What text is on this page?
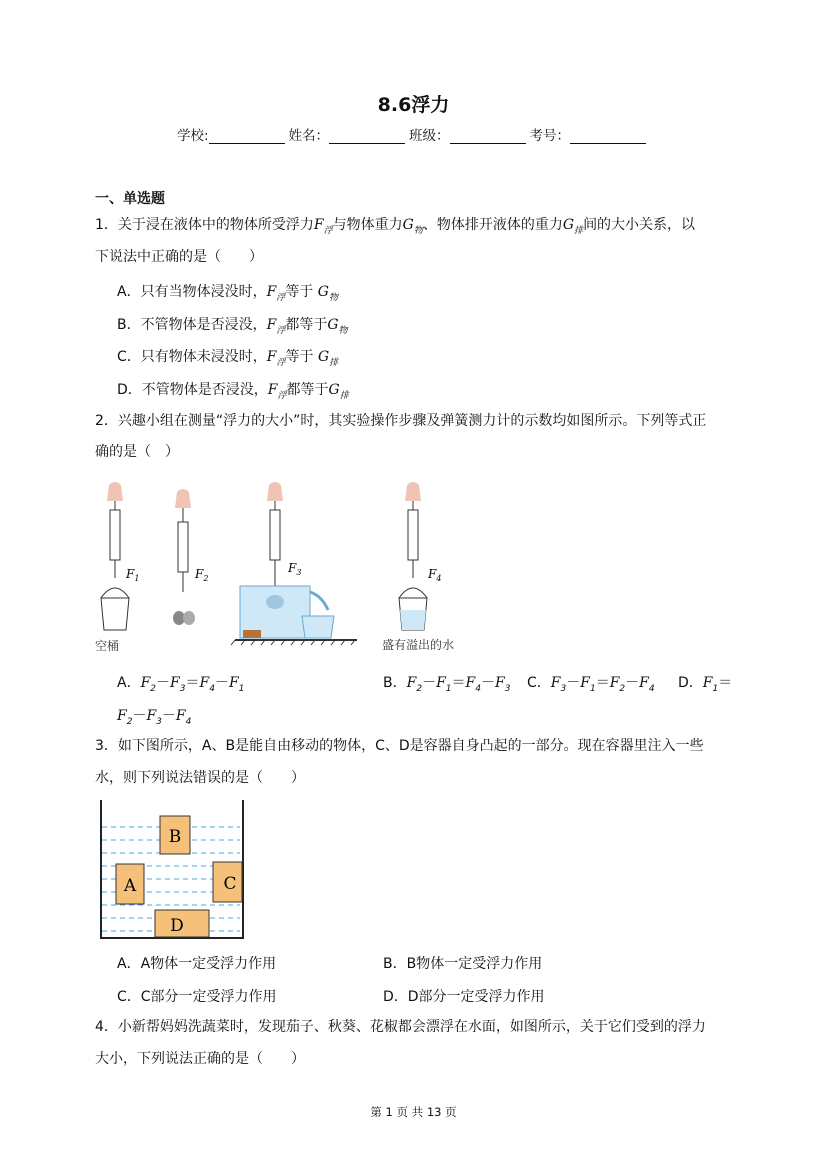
8.6浮力
学校:	姓名：	班级：	考号：
一、单选题
1．关于浸在液体中的物体所受浮力$F_浮$与物体重力$G_物$、物体排开液体的重力$G_排$间的大小关系，以
下说法中正确的是（　　）
A．只有当物体浸没时，$F_浮$等于 $G_物$
B．不管物体是否浸没，$F_浮$都等于$G_物$
C．只有物体未浸没时，$F_浮$等于 $G_排$
D．不管物体是否浸没，$F_浮$都等于$G_排$
2．兴趣小组在测量“浮力的大小”时，其实验操作步骤及弹簧测力计的示数均如图所示。下列等式正
确的是（　）
$F_1$
空桶
$F_2$
$F_3$	$F_4$
盛有溢出的水
A．$F_2-F_3=F_4-F_1$	B．$F_2-F_1=F_4-F_3$ C．$F_3-F_1=F_2-F_4$ D．$F_1=$
$F_2-F_3-F_4$
3．如下图所示，A、B是能自由移动的物体，C、D是容器自身凸起的一部分。现在容器里注入一些
水，则下列说法错误的是（　　）
B
A	C
D
A．A物体一定受浮力作用	B．B物体一定受浮力作用
C．C部分一定受浮力作用	D．D部分一定受浮力作用
4．小新帮妈妈洗蔬菜时，发现茄子、秋葵、花椒都会漂浮在水面，如图所示，关于它们受到的浮力
大小，下列说法正确的是（　　）
第 1 页 共 13 页
